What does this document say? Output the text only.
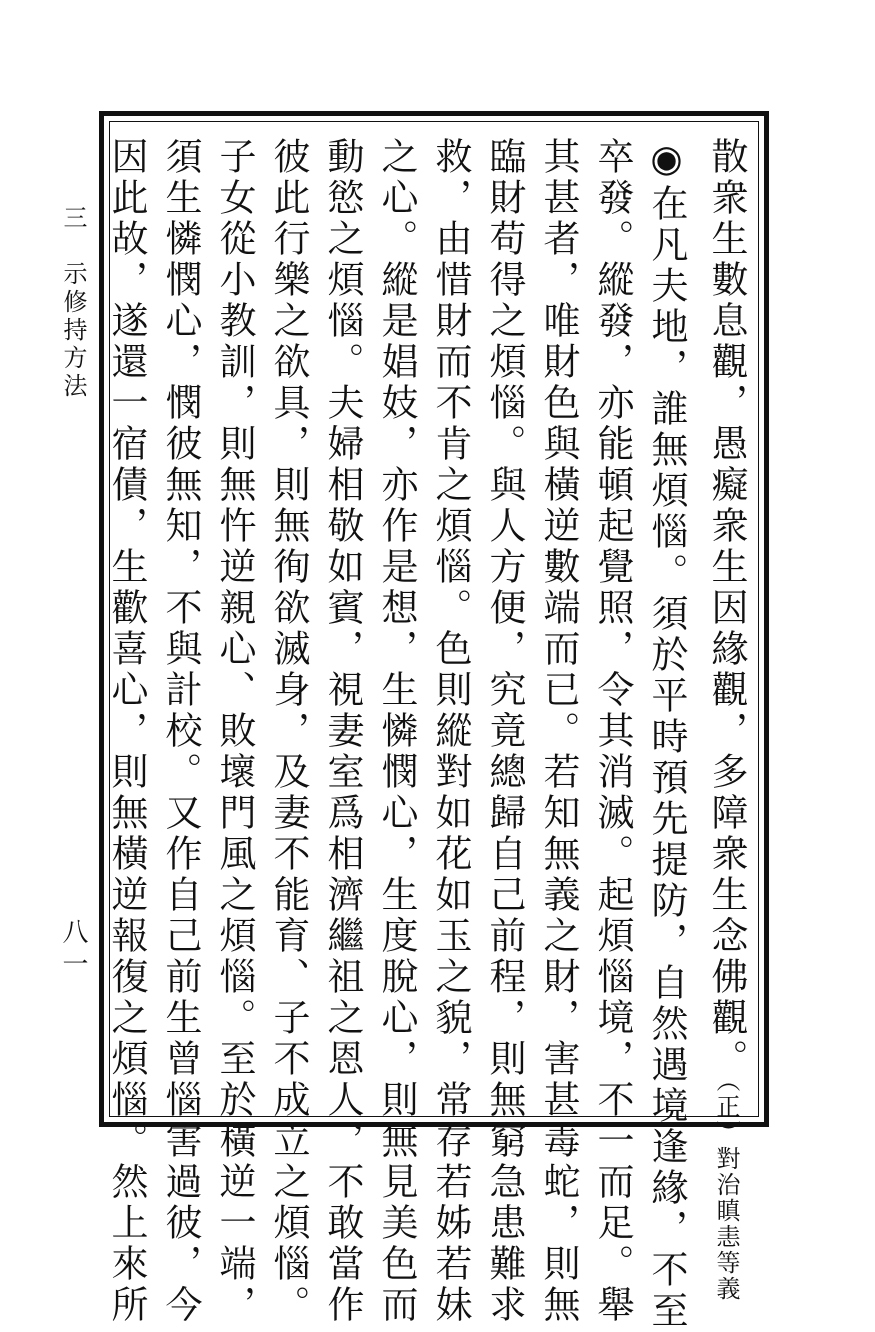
三　示修持方法
八一	散衆生數息觀，愚癡衆生因緣觀，多障衆生念佛觀。$^{(正)對治瞋恚等義}$
◉在凡夫地，誰無煩惱。須於平時預先提防，自然遇境逢緣，不至
卒發。縱發，亦能頓起覺照，令其消滅。起煩惱境，不一而足。舉
其甚者，唯財色與橫逆數端而已。若知無義之財，害甚毒蛇，則無
臨財苟得之煩惱。與人方便，究竟總歸自己前程，則無窮急患難求
救，由惜財而不肯之煩惱。色則縱對如花如玉之貌，常存若姊若妹
之心。縱是娼妓，亦作是想，生憐憫心，生度脫心，則無見美色而
動慾之煩惱。夫婦相敬如賓，視妻室爲相濟繼祖之恩人，不敢當作
彼此行樂之欲具，則無徇欲滅身，及妻不能育、子不成立之煩惱。
子女從小教訓，則無忤逆親心、敗壞門風之煩惱。至於橫逆一端，
須生憐憫心，憫彼無知，不與計校。又作自己前生曾惱害過彼，今
因此故，遂還一宿債，生歡喜心，則無橫逆報復之煩惱。然上來所
